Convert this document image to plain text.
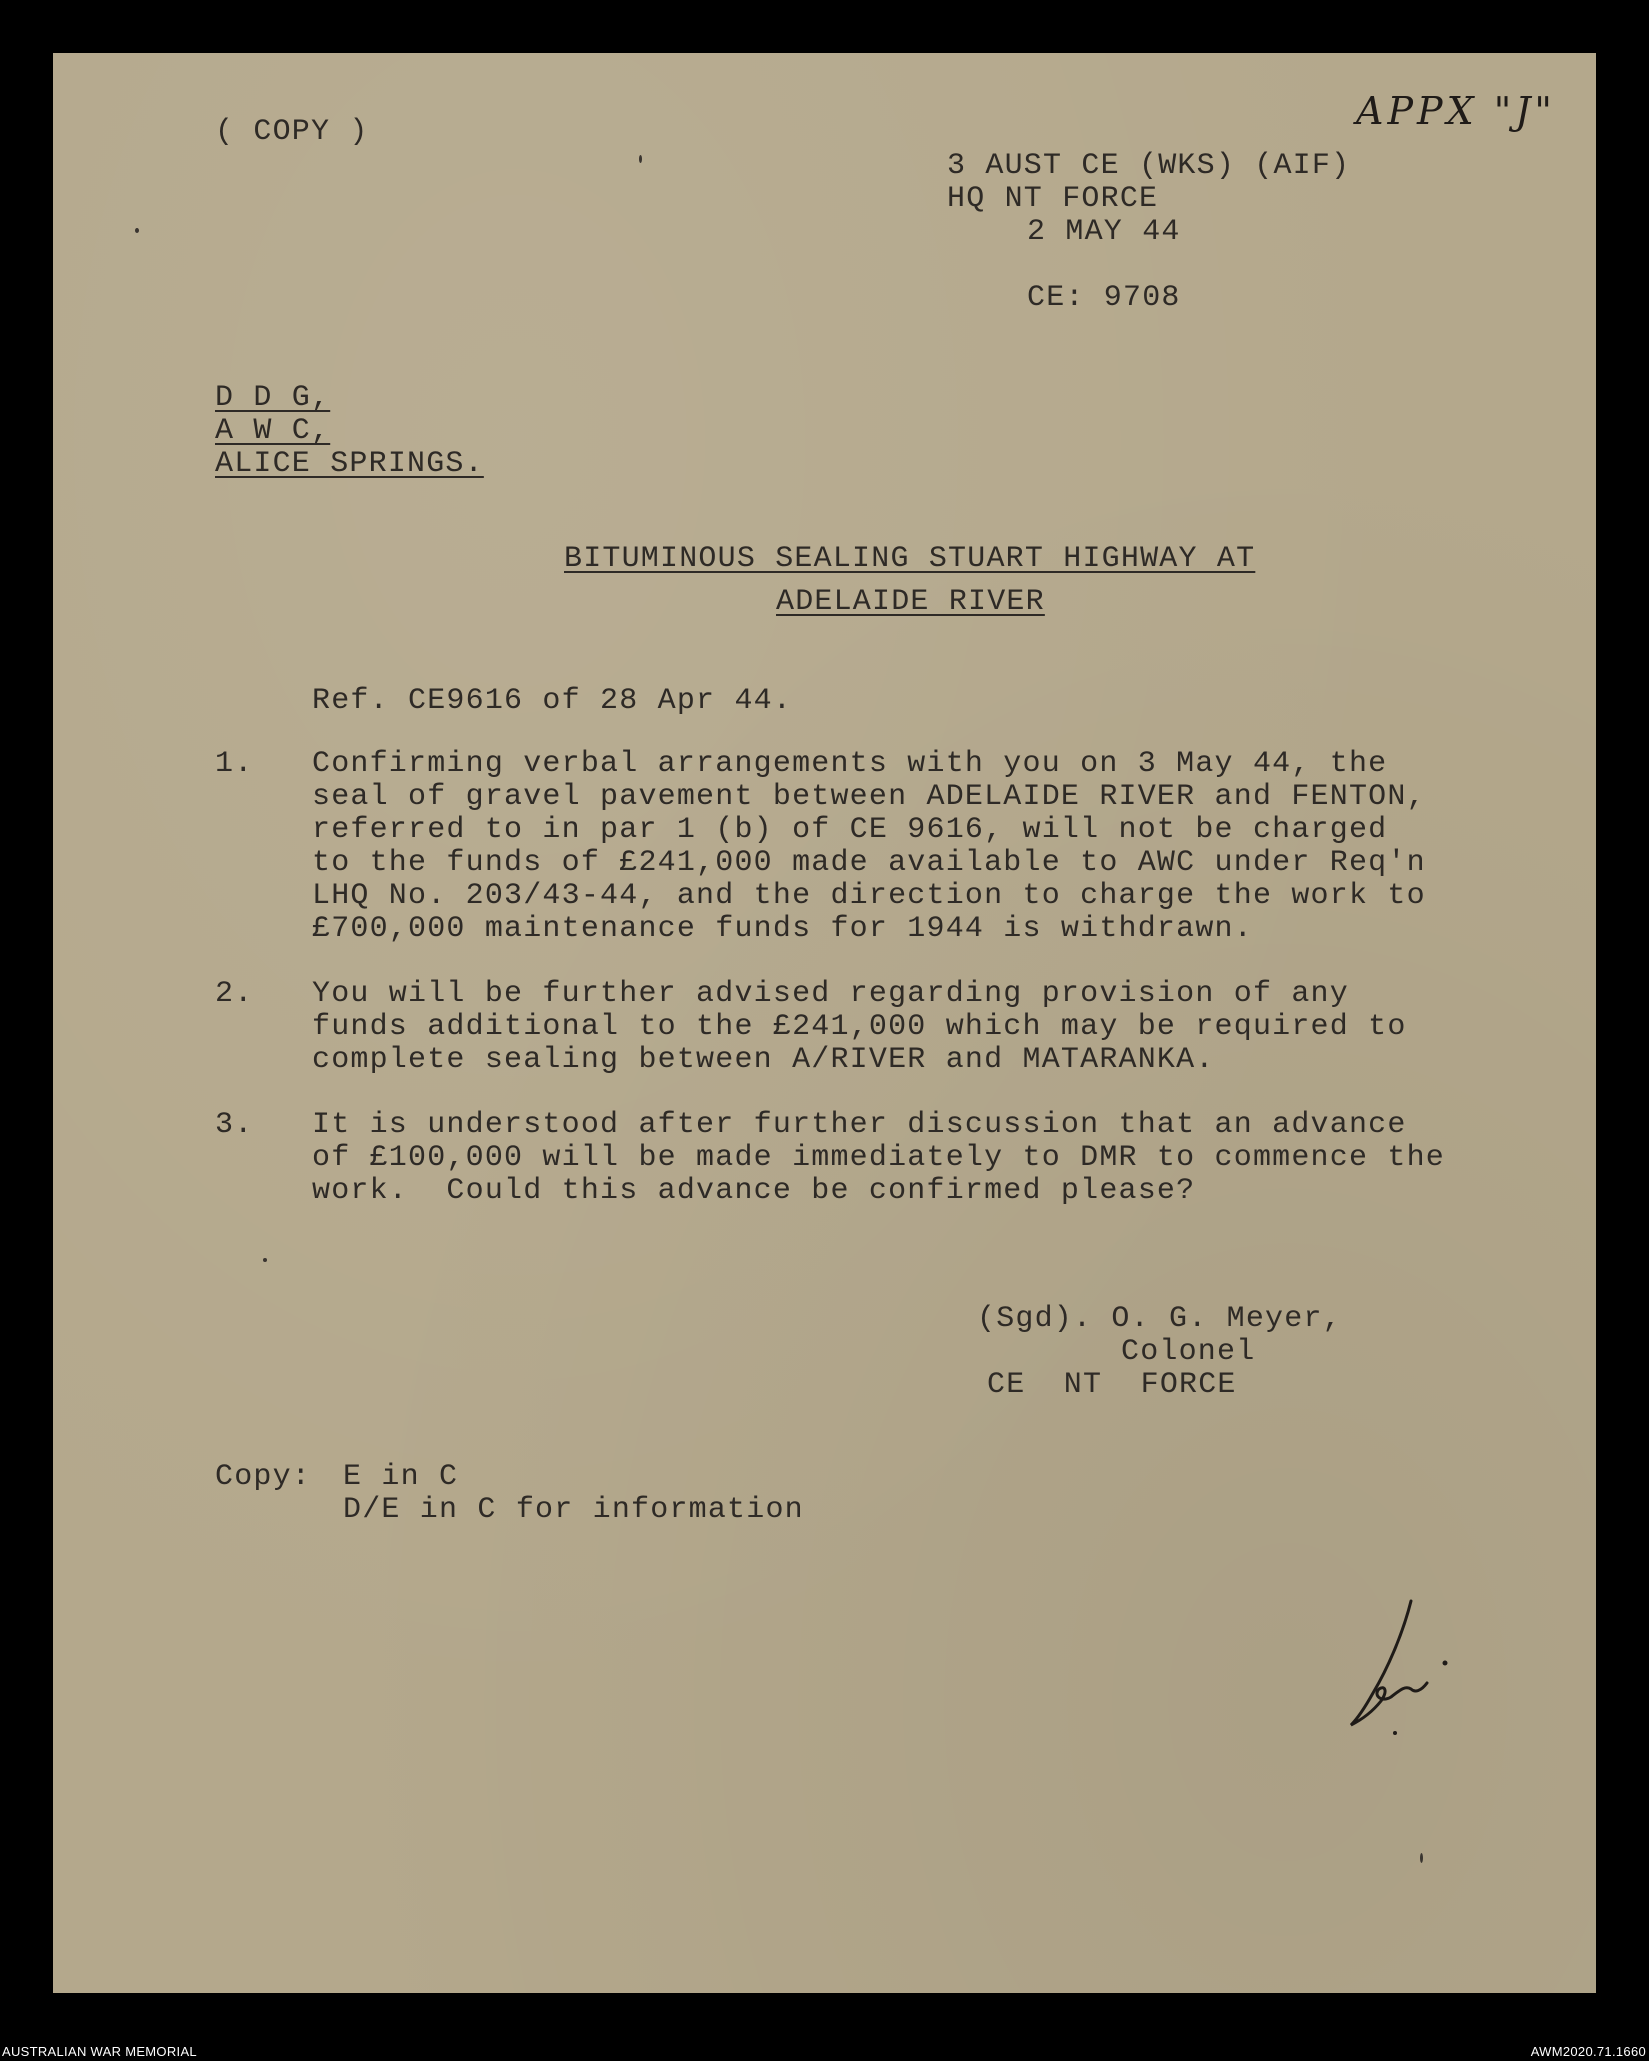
APPX "J"

( COPY )

3 AUST CE (WKS) (AIF)

HQ NT FORCE

2 MAY 44

CE: 9708

D D G,

A W C,

ALICE SPRINGS.

BITUMINOUS SEALING STUART HIGHWAY AT

ADELAIDE RIVER

Ref. CE9616 of 28 Apr 44.

1. Confirming verbal arrangements with you on 3 May 44, the

seal of gravel pavement between ADELAIDE RIVER and FENTON,

referred to in par 1 (b) of CE 9616, will not be charged

to the funds of £241,000 made available to AWC under Req'n

LHQ No. 203/43-44, and the direction to charge the work to

£700,000 maintenance funds for 1944 is withdrawn.

2. You will be further advised regarding provision of any

funds additional to the £241,000 which may be required to

complete sealing between A/RIVER and MATARANKA.

3. It is understood after further discussion that an advance

of £100,000 will be made immediately to DMR to commence the

work.  Could this advance be confirmed please?

(Sgd). O. G. Meyer,

Colonel

CE  NT  FORCE

Copy: E in C

D/E in C for information

AUSTRALIAN WAR MEMORIAL	AWM2020.71.1660
